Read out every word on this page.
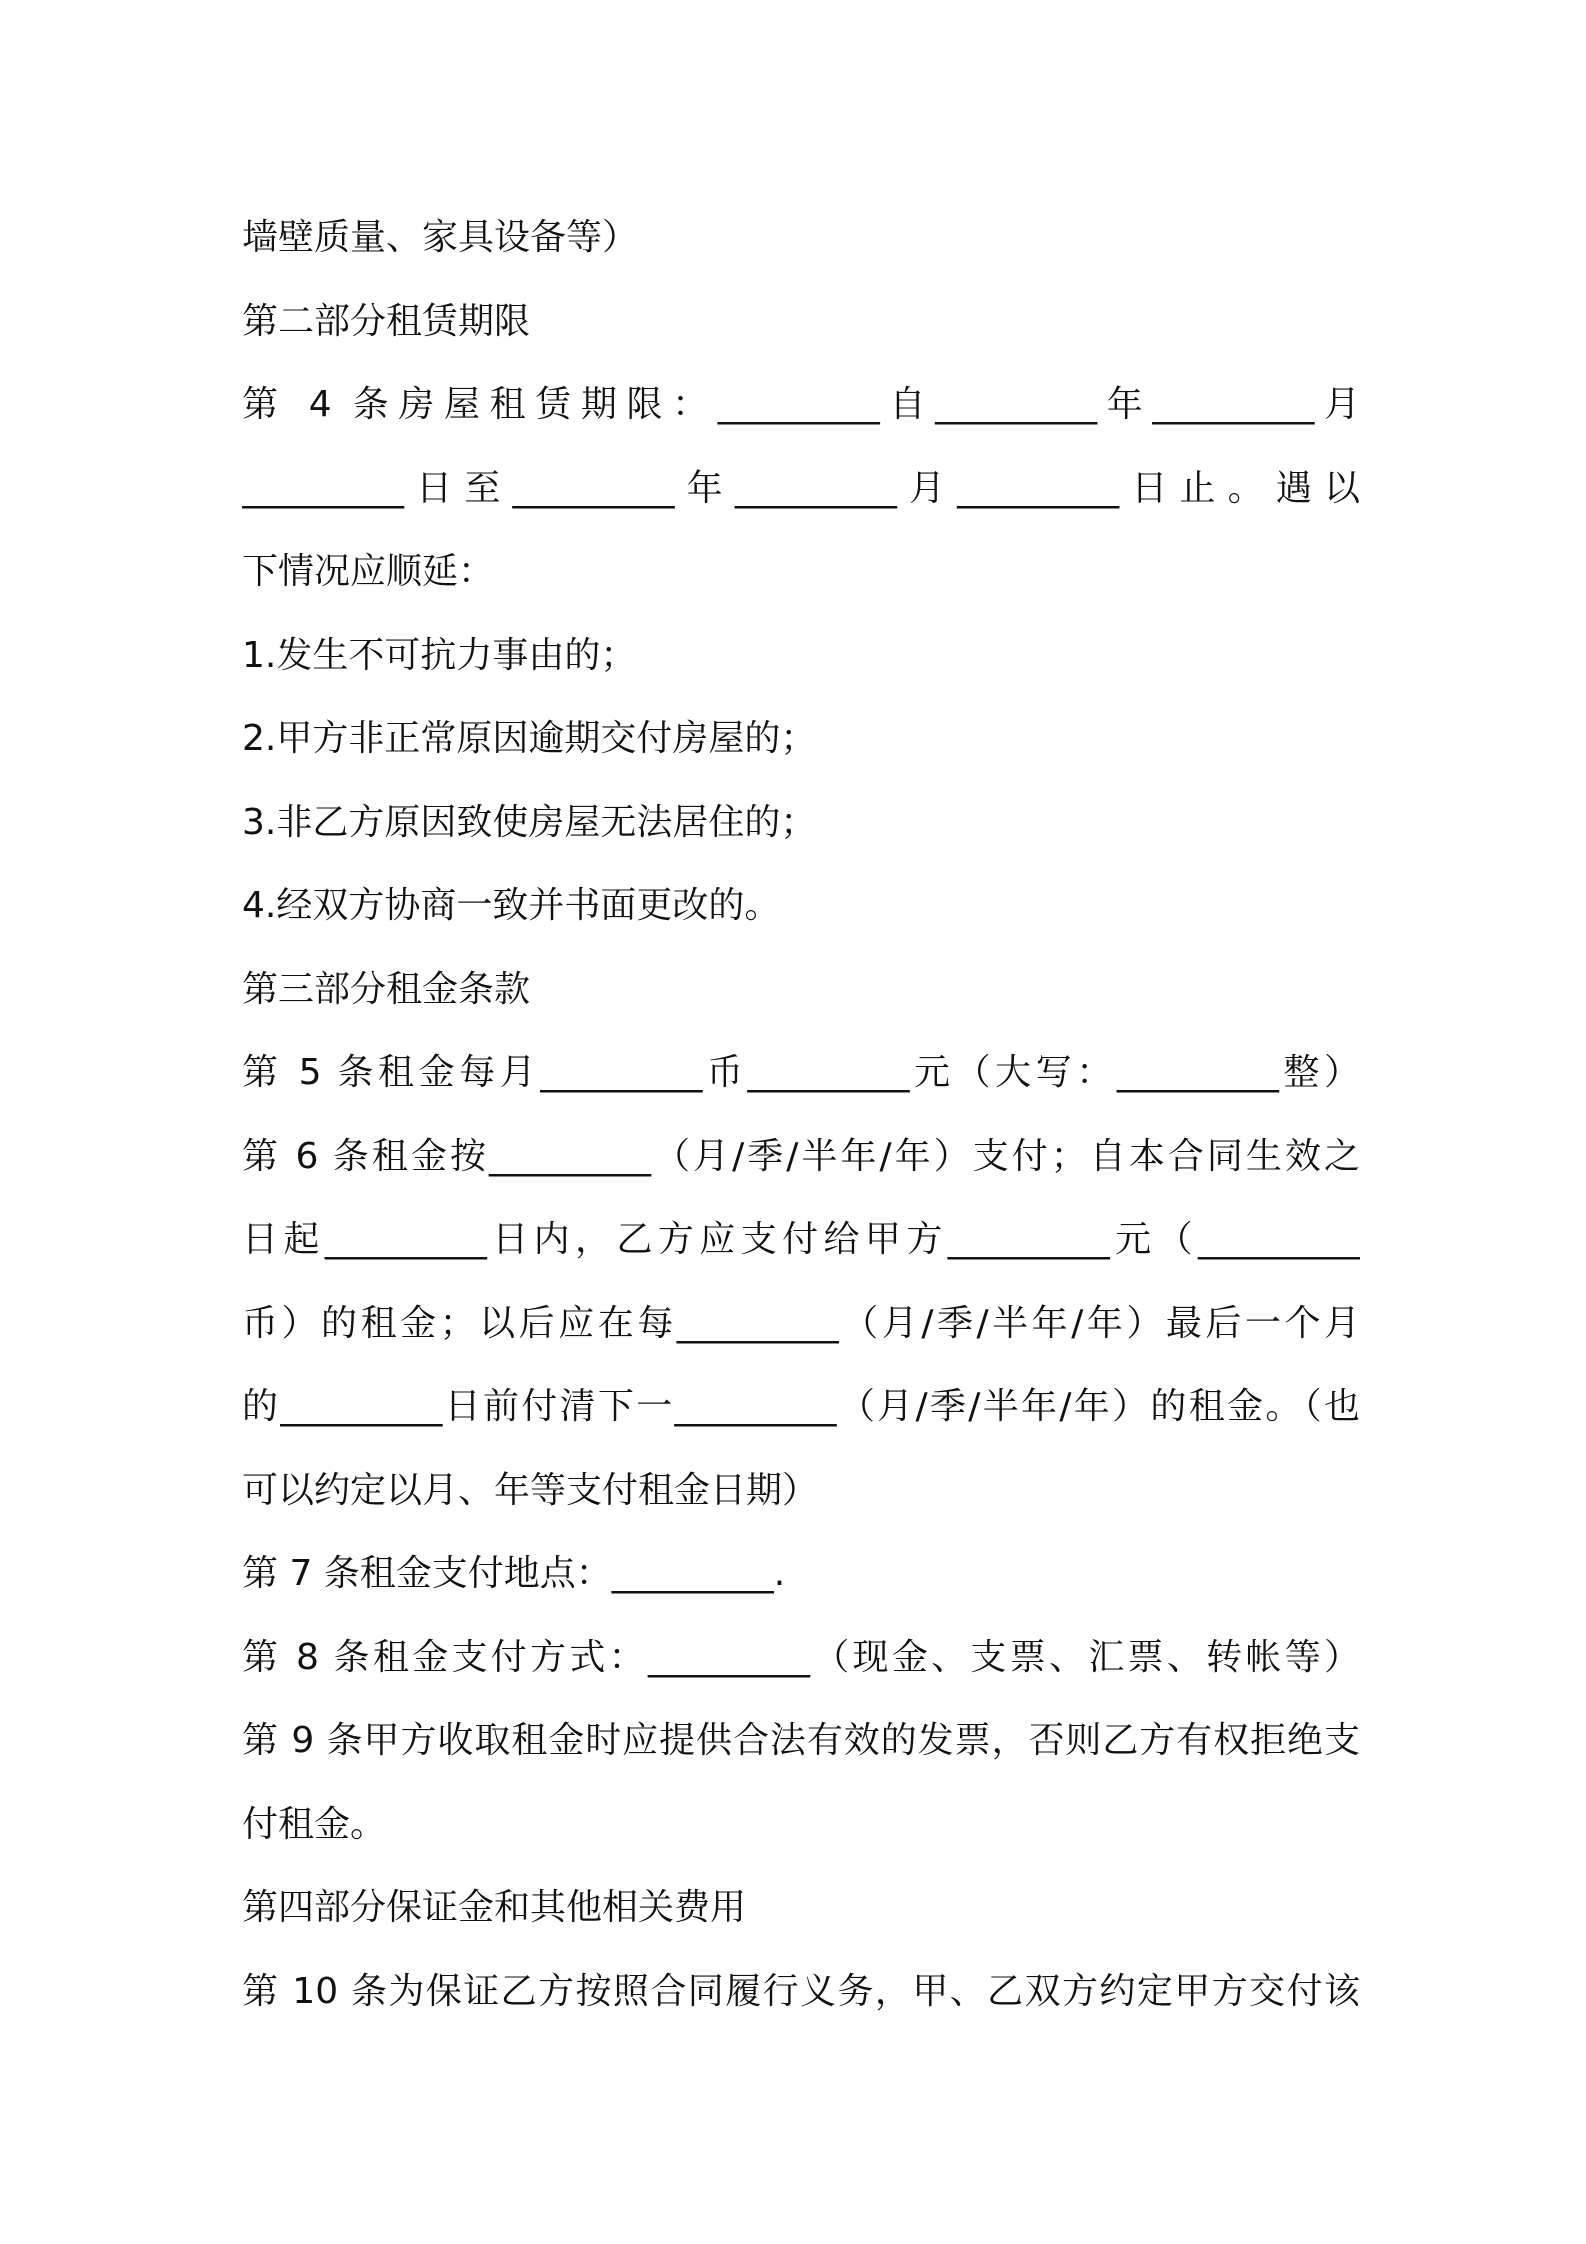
墙壁质量、家具设备等）
第二部分租赁期限
第 4 条房屋租赁期限：_________自_________年_________月
_________日至_________年_________月_________日止。遇以
下情况应顺延：
1.发生不可抗力事由的；
2.甲方非正常原因逾期交付房屋的；
3.非乙方原因致使房屋无法居住的；
4.经双方协商一致并书面更改的。
第三部分租金条款
第 5 条租金每月_________币_________元（大写：_________整）
第 6 条租金按_________（月/季/半年/年）支付；自本合同生效之
日起_________日内，乙方应支付给甲方_________元（_________
币）的租金；以后应在每_________（月/季/半年/年）最后一个月
的_________日前付清下一_________（月/季/半年/年）的租金。（也
可以约定以月、年等支付租金日期）
第 7 条租金支付地点：_________.
第 8 条租金支付方式：_________（现金、支票、汇票、转帐等）
第 9 条甲方收取租金时应提供合法有效的发票，否则乙方有权拒绝支
付租金。
第四部分保证金和其他相关费用
第 10 条为保证乙方按照合同履行义务，甲、乙双方约定甲方交付该
